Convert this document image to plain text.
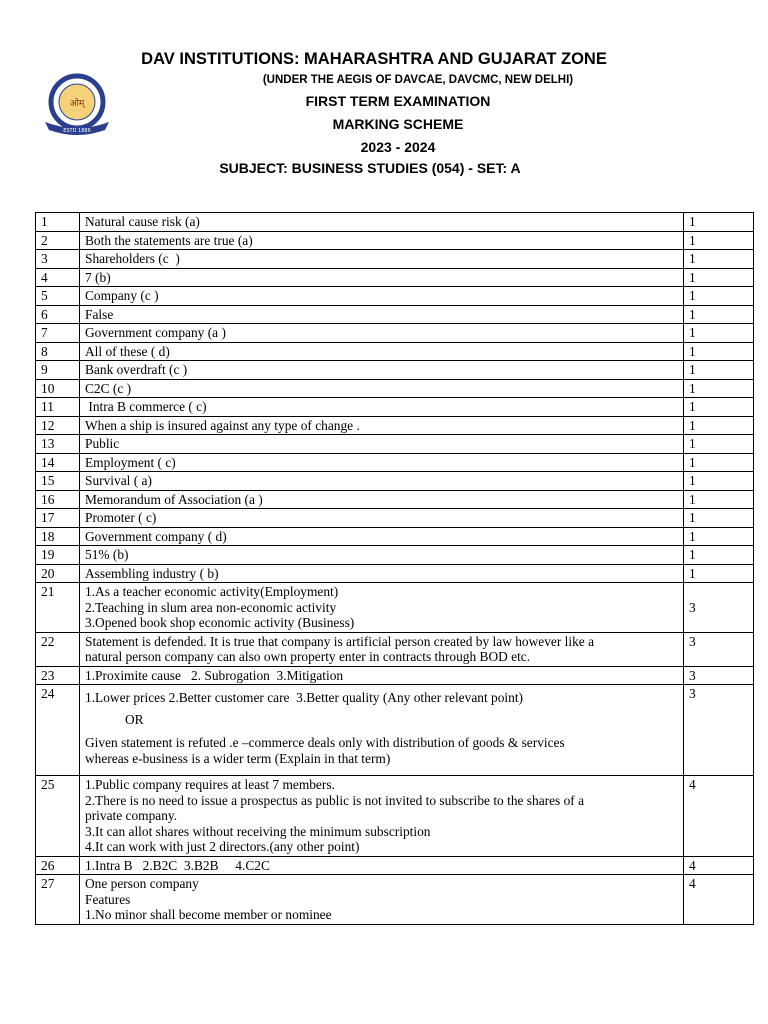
ओम्
ESTD 1886
DAV INSTITUTIONS: MAHARASHTRA AND GUJARAT ZONE
(UNDER THE AEGIS OF DAVCAE, DAVCMC, NEW DELHI)
FIRST TERM EXAMINATION
MARKING SCHEME
2023 - 2024
SUBJECT: BUSINESS STUDIES (054) - SET: A
1	Natural cause risk (a)	1
2	Both the statements are true (a)	1
3	Shareholders (c  )	1
4	7 (b)	1
5	Company (c )	1
6	False	1
7	Government company (a )	1
8	All of these ( d)	1
9	Bank overdraft (c )	1
10	C2C (c )	1
11	Intra B commerce ( c)	1
12	When a ship is insured against any type of change .	1
13	Public	1
14	Employment ( c)	1
15	Survival ( a)	1
16	Memorandum of Association (a )	1
17	Promoter ( c)	1
18	Government company ( d)	1
19	51% (b)	1
20	Assembling industry ( b)	1
21	1.As a teacher economic activity(Employment)
2.Teaching in slum area non-economic activity
3.Opened book shop economic activity (Business)	3
22	Statement is defended. It is true that company is artificial person created by law however like a
natural person company can also own property enter in contracts through BOD etc.	3
23	1.Proximite cause   2. Subrogation  3.Mitigation	3
24	1.Lower prices 2.Better customer care  3.Better quality (Any other relevant point)
OR
Given statement is refuted .e –commerce deals only with distribution of goods & services
whereas e-business is a wider term (Explain in that term)	3
25	1.Public company requires at least 7 members.
2.There is no need to issue a prospectus as public is not invited to subscribe to the shares of a
private company.
3.It can allot shares without receiving the minimum subscription
4.It can work with just 2 directors.(any other point)	4
26	1.Intra B   2.B2C  3.B2B     4.C2C	4
27	One person company
Features
1.No minor shall become member or nominee	4
